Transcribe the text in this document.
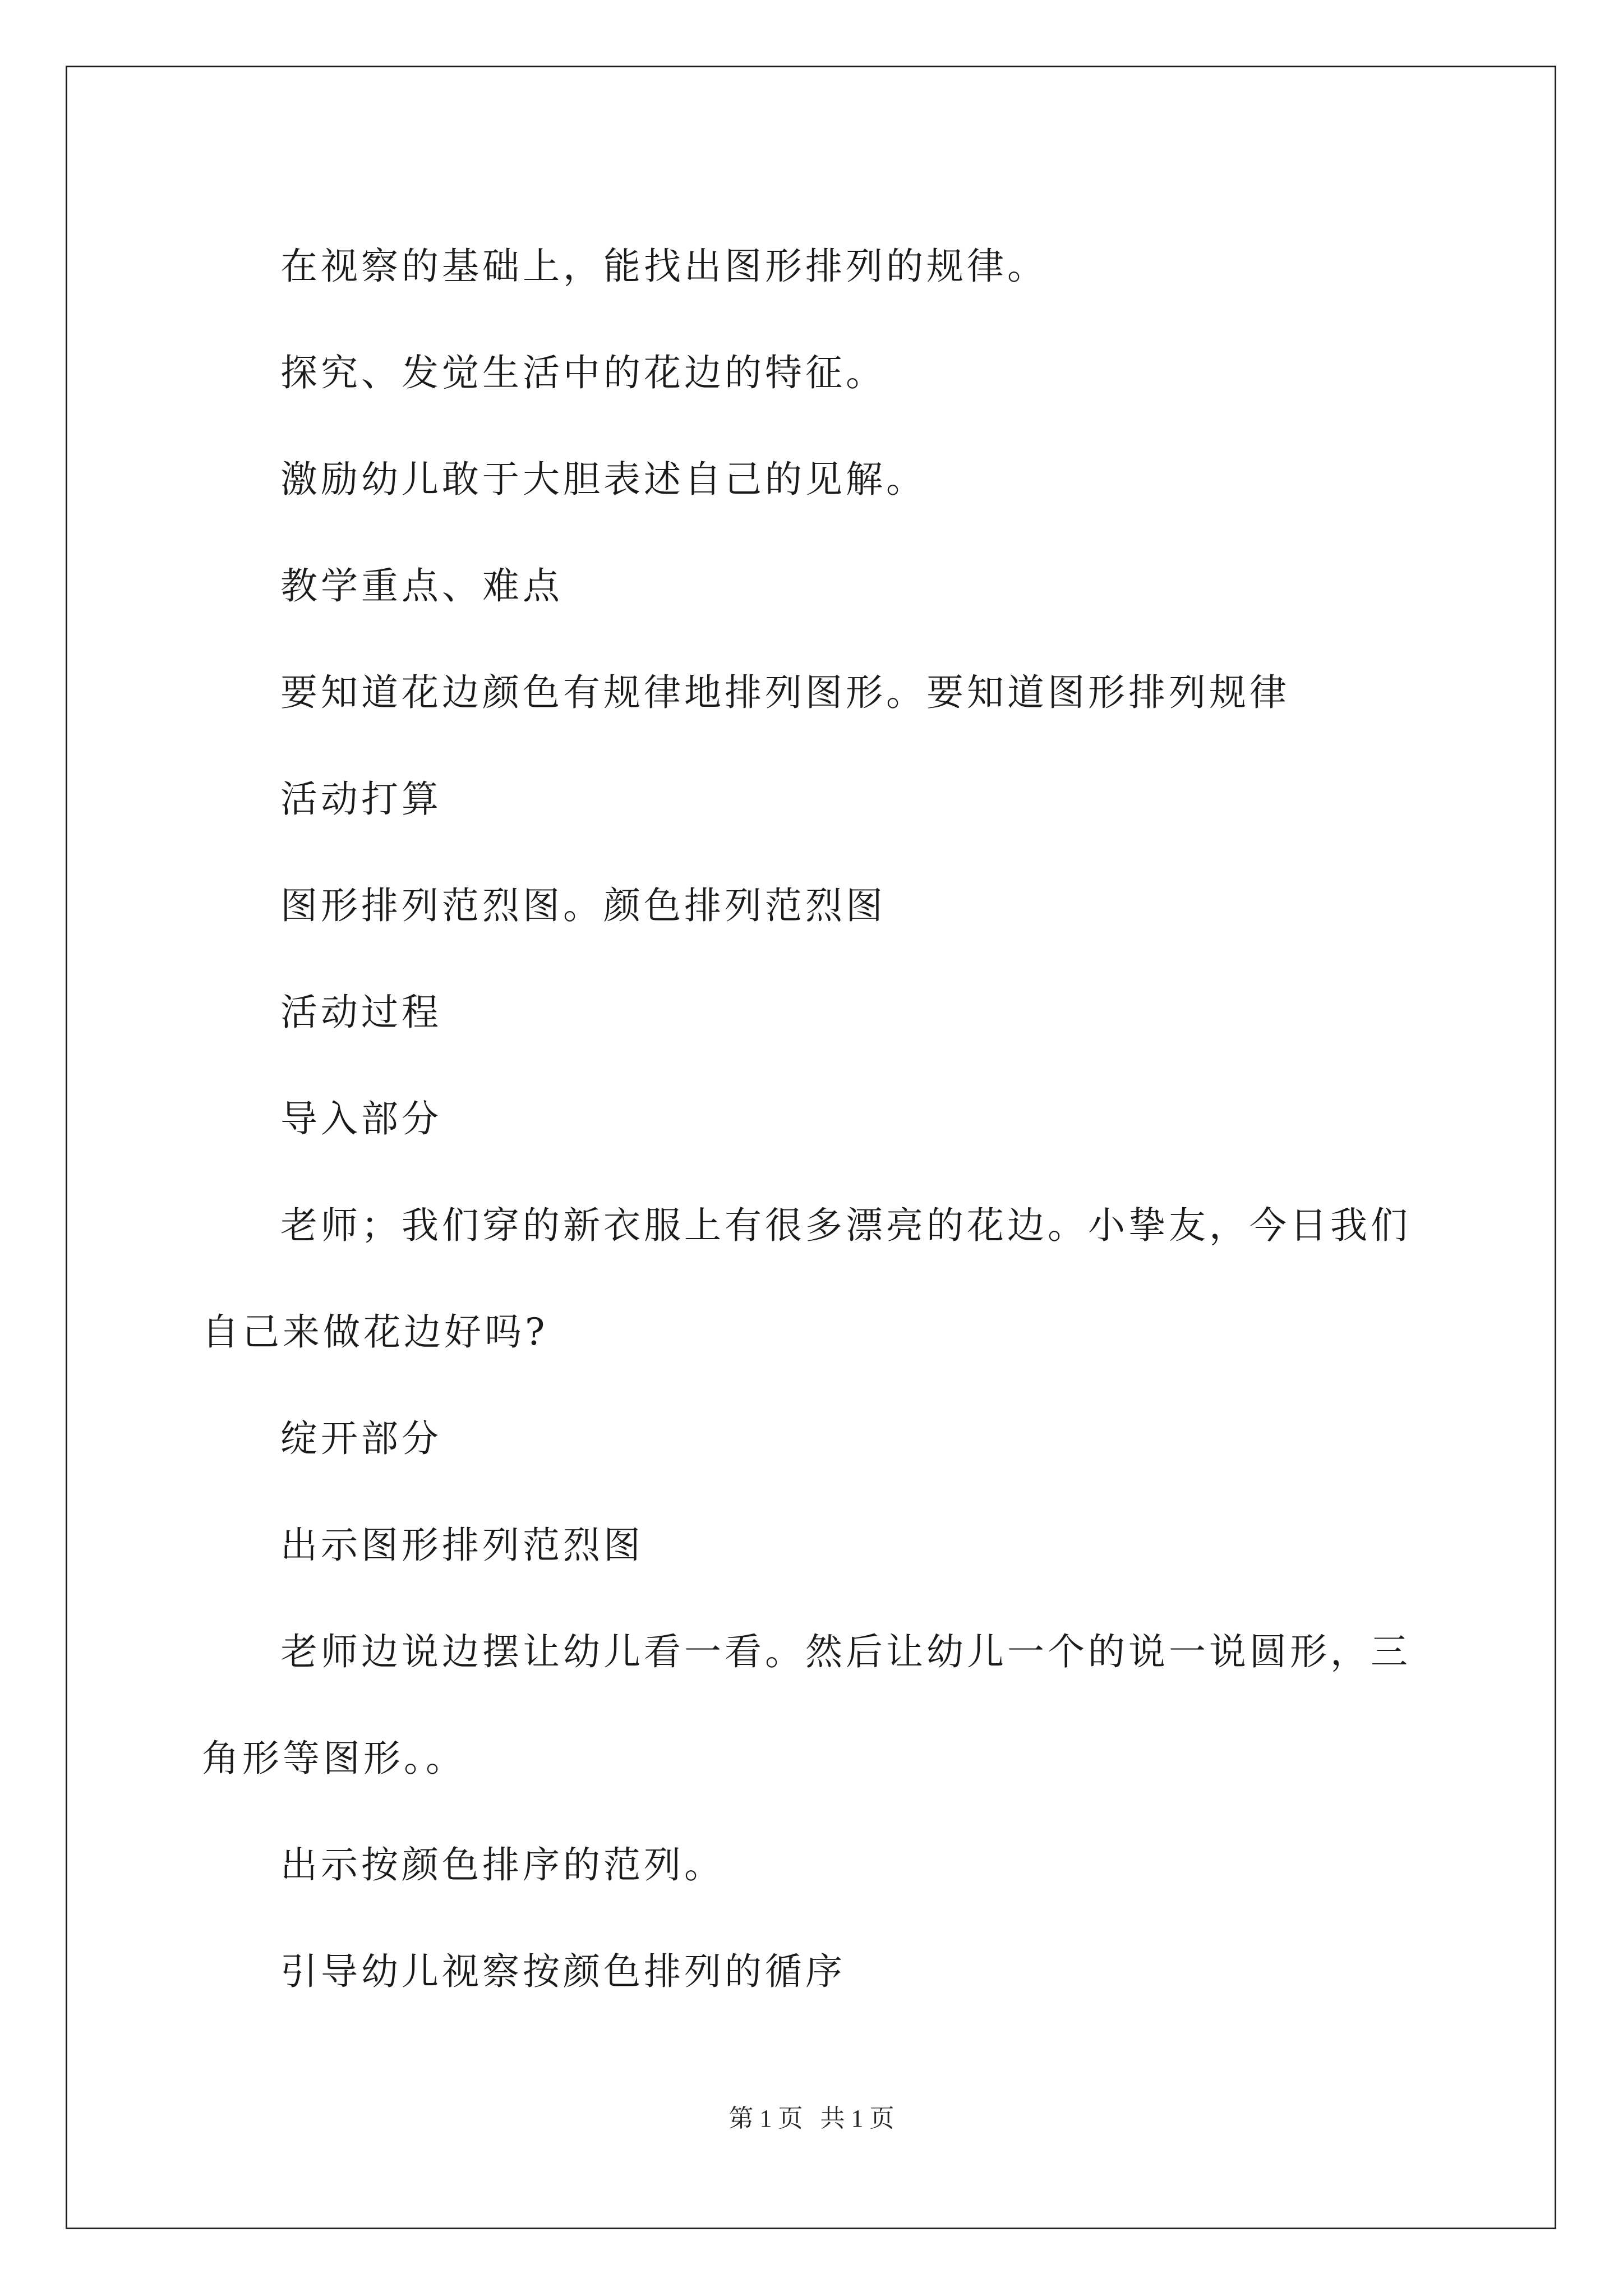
在视察的基础上，能找出图形排列的规律。

探究、发觉生活中的花边的特征。

激励幼儿敢于大胆表述自己的见解。

教学重点、难点

要知道花边颜色有规律地排列图形。要知道图形排列规律

活动打算

图形排列范烈图。颜色排列范烈图

活动过程

导入部分

老师；我们穿的新衣服上有很多漂亮的花边。小挚友，今日我们自己来做花边好吗?

绽开部分

出示图形排列范烈图

老师边说边摆让幼儿看一看。然后让幼儿一个的说一说圆形，三角形等图形。。

出示按颜色排序的范列。

引导幼儿视察按颜色排列的循序

第 1 页 共 1 页
